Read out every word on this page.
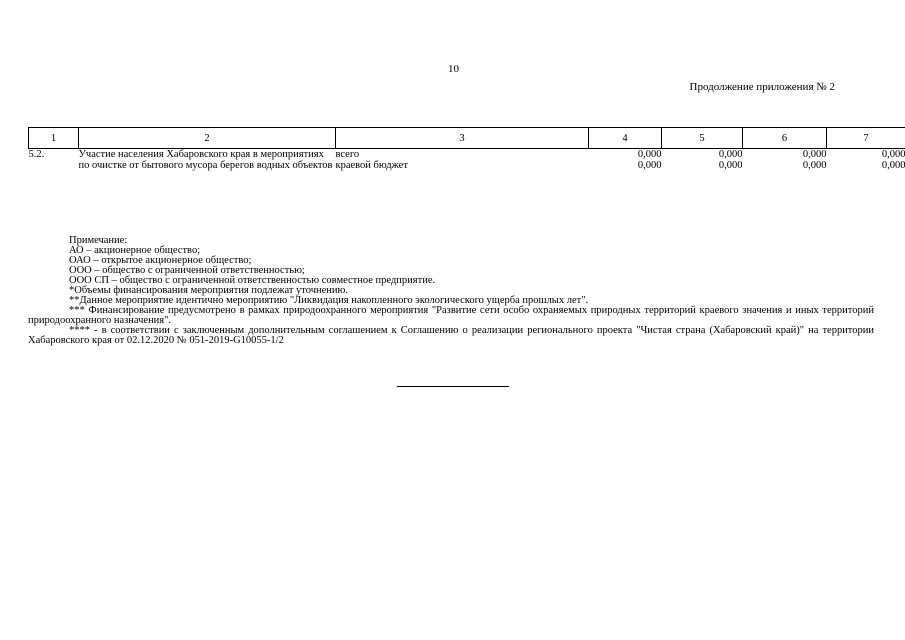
10
Продолжение приложения № 2
1	2	3	4	5	6	7
5.2.	Участие населения Хабаровского края в мероприятиях по очистке от бытового мусора берегов водных объектов	всего	0,000	0,000	0,000	0,000
		краевой бюджет	0,000	0,000	0,000	0,000
Примечание:
АО – акционерное общество;
ОАО – открытое акционерное общество;
ООО – общество с ограниченной ответственностью;
ООО СП – общество с ограниченной ответственностью совместное предприятие.
*Объемы финансирования мероприятия подлежат уточнению.
**Данное мероприятие идентично мероприятию "Ликвидация накопленного экологического ущерба прошлых лет".
*** Финансирование предусмотрено в рамках природоохранного мероприятия "Развитие сети особо охраняемых природных территорий краевого значения и иных территорий природоохранного назначения".
**** - в соответствии с заключенным дополнительным соглашением к Соглашению о реализации регионального проекта "Чистая страна (Хабаровский край)" на территории Хабаровского края от 02.12.2020 № 051-2019-G10055-1/2
